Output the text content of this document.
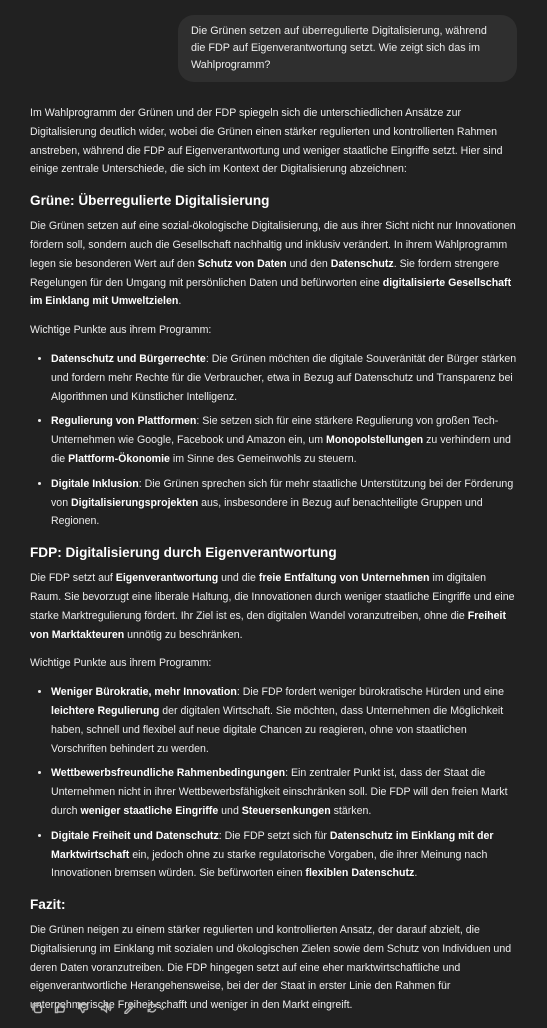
Die Grünen setzen auf überregulierte Digitalisierung, während die FDP auf Eigenverantwortung setzt. Wie zeigt sich das im Wahlprogramm?

Im Wahlprogramm der Grünen und der FDP spiegeln sich die unterschiedlichen Ansätze zur Digitalisierung deutlich wider, wobei die Grünen einen stärker regulierten und kontrollierten Rahmen anstreben, während die FDP auf Eigenverantwortung und weniger staatliche Eingriffe setzt. Hier sind einige zentrale Unterschiede, die sich im Kontext der Digitalisierung abzeichnen:

Grüne: Überregulierte Digitalisierung

Die Grünen setzen auf eine sozial-ökologische Digitalisierung, die aus ihrer Sicht nicht nur Innovationen fördern soll, sondern auch die Gesellschaft nachhaltig und inklusiv verändert. In ihrem Wahlprogramm legen sie besonderen Wert auf den Schutz von Daten und den Datenschutz. Sie fordern strengere Regelungen für den Umgang mit persönlichen Daten und befürworten eine digitalisierte Gesellschaft im Einklang mit Umweltzielen.

Wichtige Punkte aus ihrem Programm:

• Datenschutz und Bürgerrechte: Die Grünen möchten die digitale Souveränität der Bürger stärken und fordern mehr Rechte für die Verbraucher, etwa in Bezug auf Datenschutz und Transparenz bei Algorithmen und Künstlicher Intelligenz.
• Regulierung von Plattformen: Sie setzen sich für eine stärkere Regulierung von großen Tech-Unternehmen wie Google, Facebook und Amazon ein, um Monopolstellungen zu verhindern und die Plattform-Ökonomie im Sinne des Gemeinwohls zu steuern.
• Digitale Inklusion: Die Grünen sprechen sich für mehr staatliche Unterstützung bei der Förderung von Digitalisierungsprojekten aus, insbesondere in Bezug auf benachteiligte Gruppen und Regionen.
FDP: Digitalisierung durch Eigenverantwortung

Die FDP setzt auf Eigenverantwortung und die freie Entfaltung von Unternehmen im digitalen Raum. Sie bevorzugt eine liberale Haltung, die Innovationen durch weniger staatliche Eingriffe und eine starke Marktregulierung fördert. Ihr Ziel ist es, den digitalen Wandel voranzutreiben, ohne die Freiheit von Marktakteuren unnötig zu beschränken.

Wichtige Punkte aus ihrem Programm:

• Weniger Bürokratie, mehr Innovation: Die FDP fordert weniger bürokratische Hürden und eine leichtere Regulierung der digitalen Wirtschaft. Sie möchten, dass Unternehmen die Möglichkeit haben, schnell und flexibel auf neue digitale Chancen zu reagieren, ohne von staatlichen Vorschriften behindert zu werden.
• Wettbewerbsfreundliche Rahmenbedingungen: Ein zentraler Punkt ist, dass der Staat die Unternehmen nicht in ihrer Wettbewerbsfähigkeit einschränken soll. Die FDP will den freien Markt durch weniger staatliche Eingriffe und Steuersenkungen stärken.
• Digitale Freiheit und Datenschutz: Die FDP setzt sich für Datenschutz im Einklang mit der Marktwirtschaft ein, jedoch ohne zu starke regulatorische Vorgaben, die ihrer Meinung nach Innovationen bremsen würden. Sie befürworten einen flexiblen Datenschutz.
Fazit:

Die Grünen neigen zu einem stärker regulierten und kontrollierten Ansatz, der darauf abzielt, die Digitalisierung im Einklang mit sozialen und ökologischen Zielen sowie dem Schutz von Individuen und deren Daten voranzutreiben. Die FDP hingegen setzt auf eine eher marktwirtschaftliche und eigenverantwortliche Herangehensweise, bei der der Staat in erster Linie den Rahmen für unternehmerische Freiheit schafft und weniger in den Markt eingreift.
